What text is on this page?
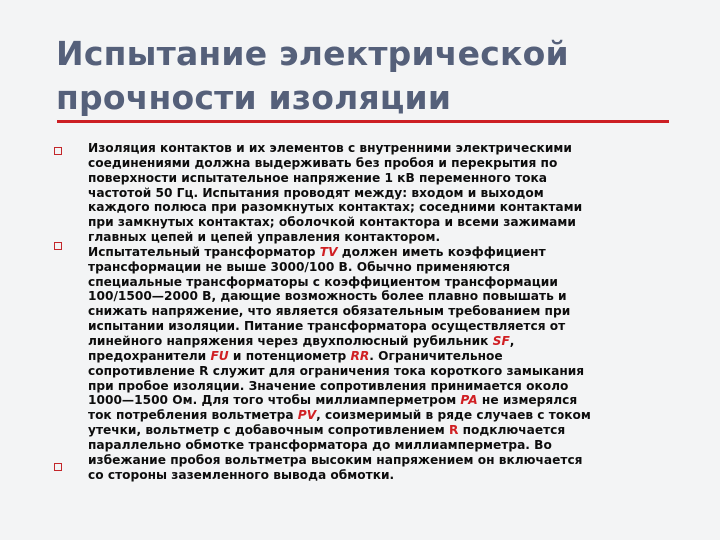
Испытание электрической
прочности изоляции
Изоляция контактов и их элементов с внутренними электрическими
соединениями должна выдерживать без пробоя и перекрытия по
поверхности испытательное напряжение 1 кВ переменного тока
частотой 50 Гц. Испытания проводят между: входом и выходом
каждого полюса при разомкнутых контактах; соседними контактами
при замкнутых контактах; оболочкой контактора и всеми зажимами
главных цепей и цепей управления контактором.
Испытательный трансформатор TV должен иметь коэффициент
трансформации не выше 3000/100 В. Обычно применяются
специальные трансформаторы с коэффициентом трансформации
100/1500—2000 В, дающие возможность более плавно повышать и
снижать напряжение, что является обязательным требованием при
испытании изоляции. Питание трансформатора осуществляется от
линейного напряжения через двухполюсный рубильник SF,
предохранители FU и потенциометр RR. Ограничительное
сопротивление R служит для ограничения тока короткого замыкания
при пробое изоляции. Значение сопротивления принимается около
1000—1500 Ом. Для того чтобы миллиамперметром PA не измерялся
ток потребления вольтметра PV, соизмеримый в ряде случаев с током
утечки, вольтметр с добавочным сопротивлением R подключается
параллельно обмотке трансформатора до миллиамперметра. Во
избежание пробоя вольтметра высоким напряжением он включается
со стороны заземленного вывода обмотки.
